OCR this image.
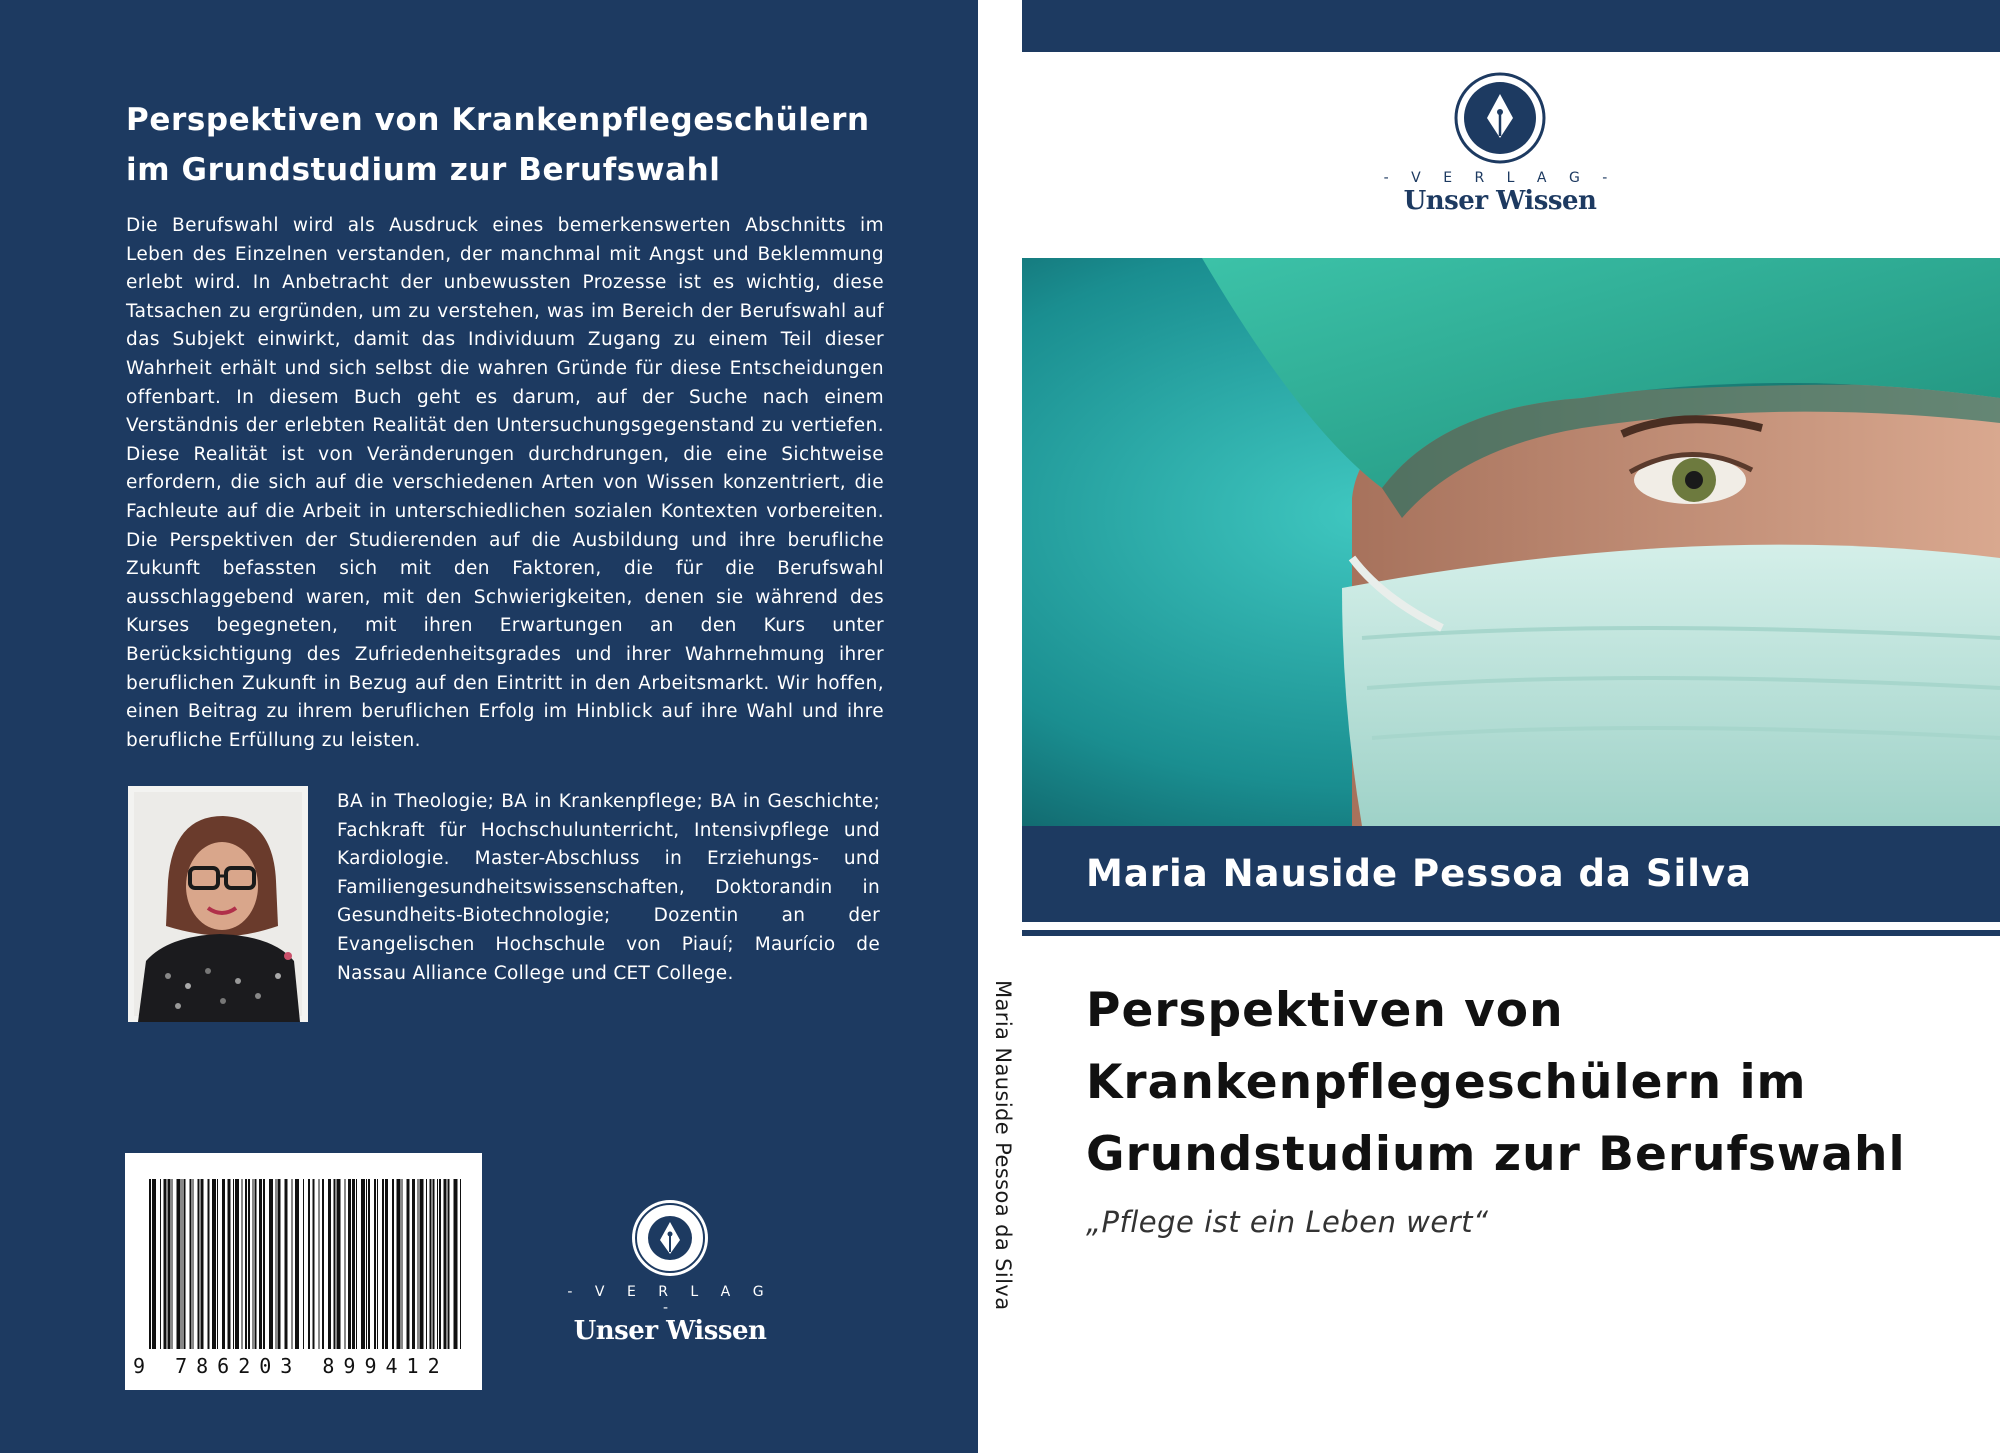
Perspektiven von Krankenpflegeschülern im Grundstudium zur Berufswahl
Die Berufswahl wird als Ausdruck eines bemerkenswerten Abschnitts im Leben des Einzelnen verstanden, der manchmal mit Angst und Beklemmung erlebt wird. In Anbetracht der unbewussten Prozesse ist es wichtig, diese Tatsachen zu ergründen, um zu verstehen, was im Bereich der Berufswahl auf das Subjekt einwirkt, damit das Individuum Zugang zu einem Teil dieser Wahrheit erhält und sich selbst die wahren Gründe für diese Entscheidungen offenbart. In diesem Buch geht es darum, auf der Suche nach einem Verständnis der erlebten Realität den Untersuchungsgegenstand zu vertiefen. Diese Realität ist von Veränderungen durchdrungen, die eine Sichtweise erfordern, die sich auf die verschiedenen Arten von Wissen konzentriert, die Fachleute auf die Arbeit in unterschiedlichen sozialen Kontexten vorbereiten. Die Perspektiven der Studierenden auf die Ausbildung und ihre berufliche Zukunft befassten sich mit den Faktoren, die für die Berufswahl ausschlaggebend waren, mit den Schwierigkeiten, denen sie während des Kurses begegneten, mit ihren Erwartungen an den Kurs unter Berücksichtigung des Zufriedenheitsgrades und ihrer Wahrnehmung ihrer beruflichen Zukunft in Bezug auf den Eintritt in den Arbeitsmarkt. Wir hoffen, einen Beitrag zu ihrem beruflichen Erfolg im Hinblick auf ihre Wahl und ihre berufliche Erfüllung zu leisten.
BA in Theologie; BA in Krankenpflege; BA in Geschichte; Fachkraft für Hochschulunterricht, Intensivpflege und Kardiologie. Master-Abschluss in Erziehungs- und Familiengesundheitswissenschaften, Doktorandin in Gesundheits-Biotechnologie; Dozentin an der Evangelischen Hochschule von Piauí; Maurício de Nassau Alliance College und CET College.
9 786203 899412
- V E R L A G -
Unser Wissen
Maria Nauside Pessoa da Silva
- V E R L A G -
Unser Wissen
Maria Nauside Pessoa da Silva
Perspektiven von Krankenpflegeschülern im Grundstudium zur Berufswahl
„Pflege ist ein Leben wert“
